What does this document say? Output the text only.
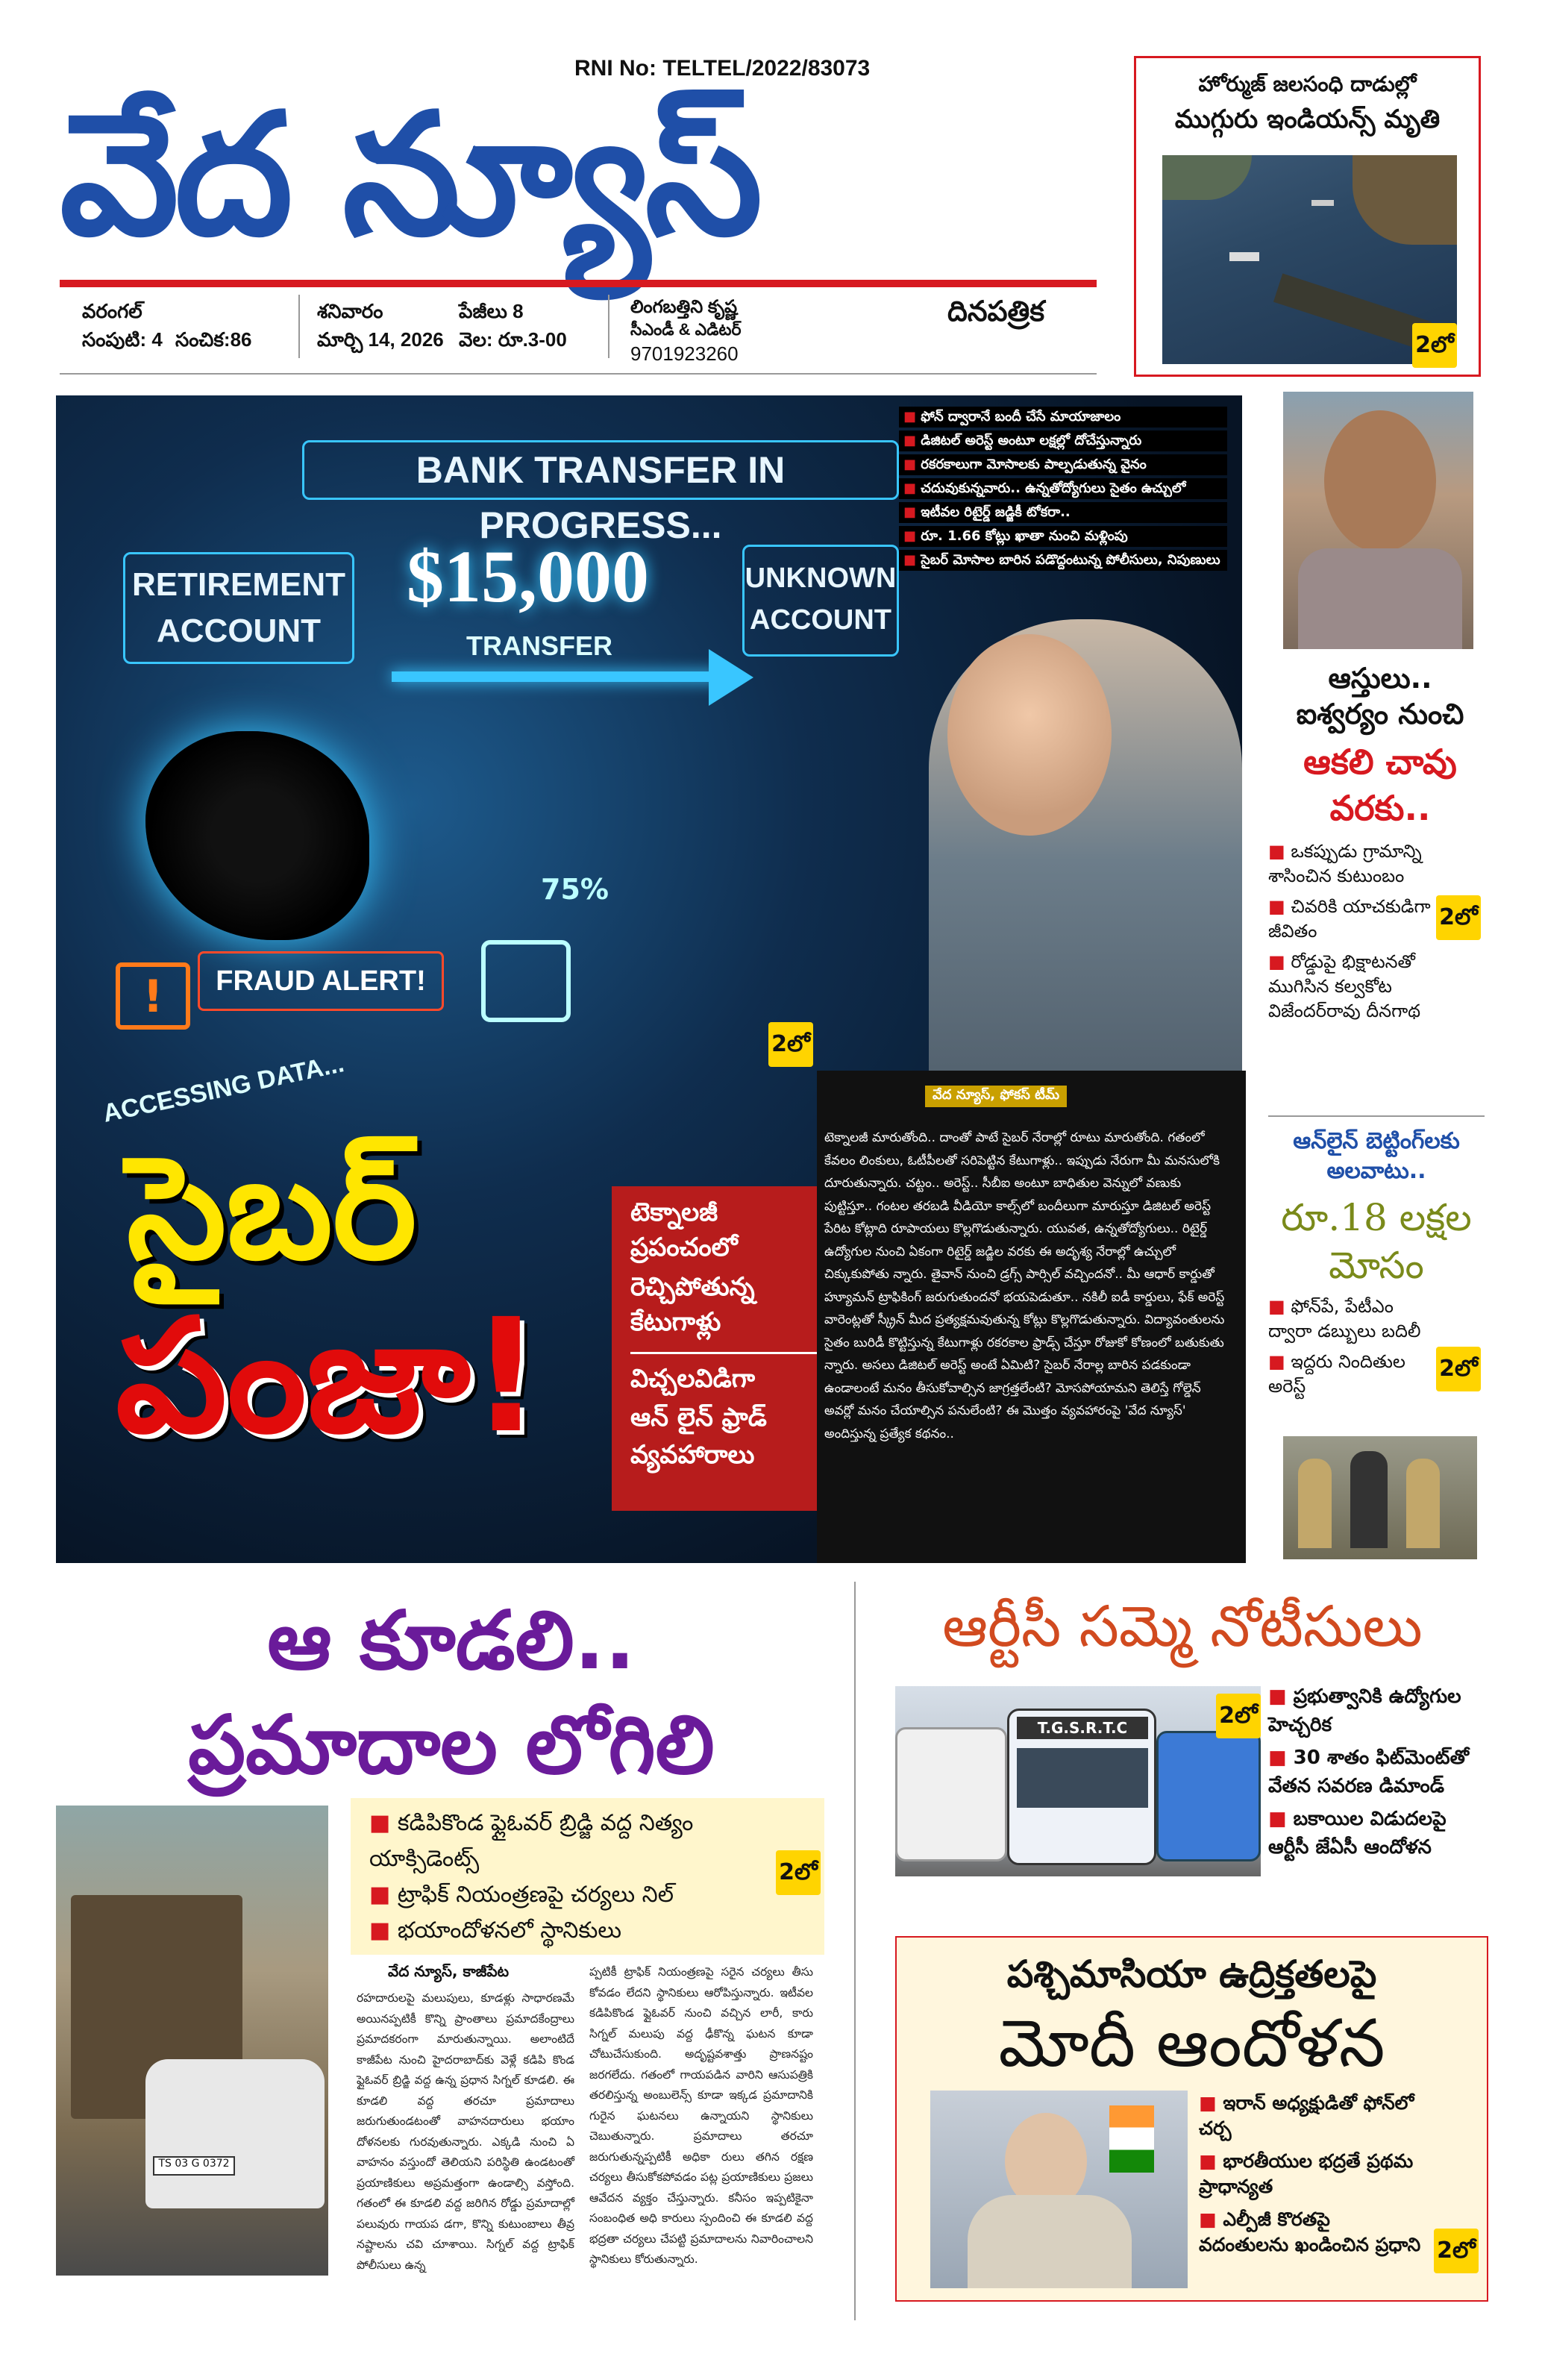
RNI No: TELTEL/2022/83073
వేద న్యూస్
వరంగల్
సంపుటి: 4 సంచిక:86
శనివారం
మార్చి 14, 2026
పేజీలు 8
వెల: రూ.3-00
లింగబత్తిని కృష్ణ
సీఎండీ & ఎడిటర్
9701923260
దినపత్రిక
హోర్ముజ్ జలసంధి దాడుల్లో
ముగ్గురు ఇండియన్స్ మృతి
2లో
BANK TRANSFER IN PROGRESS...
RETIREMENT ACCOUNT
$15,000
TRANSFER
UNKNOWN ACCOUNT
75%
!	FRAUD ALERT!
ACCESSING DATA...
2లో
సైబర్
పంజా!
■ ఫోన్ ద్వారానే బందీ చేసే మాయాజాలం
■ డిజిటల్ అరెస్ట్ అంటూ లక్షల్లో దోచేస్తున్నారు
■ రకరకాలుగా మోసాలకు పాల్పడుతున్న వైనం
■ చదువుకున్నవారు.. ఉన్నతోద్యోగులు సైతం ఉచ్చులో
■ ఇటీవల రిటైర్డ్ జడ్జికీ టోకరా..
■ రూ. 1.66 కోట్లు ఖాతా నుంచి మళ్లింపు
■ సైబర్ మోసాల బారిన పడొద్దంటున్న పోలీసులు, నిపుణులు
టెక్నాలజీ
ప్రపంచంలో
రెచ్చిపోతున్న
కేటుగాళ్లు
విచ్చలవిడిగా
ఆన్ లైన్ ఫ్రాడ్
వ్యవహారాలు
వేద న్యూస్, ఫోకస్ టీమ్
టెక్నాలజీ మారుతోంది.. దాంతో పాటే సైబర్ నేరాల్లో రూటు మారుతోంది. గతంలో కేవలం లింకులు, ఓటీపీలతో సరిపెట్టిన కేటుగాళ్లు.. ఇప్పుడు నేరుగా మీ మనసులోకి దూరుతున్నారు. చట్టం.. అరెస్ట్.. సీబీఐ అంటూ బాధితుల వెన్నులో వణుకు పుట్టిస్తూ.. గంటల తరబడి వీడియో కాల్స్‌లో బందీలుగా మారుస్తూ డిజిటల్ అరెస్ట్ పేరిట కోట్లాది రూపాయలు కొల్లగొడుతున్నారు. యువత, ఉన్నతోద్యోగులు.. రిటైర్డ్ ఉద్యోగుల నుంచి ఏకంగా రిటైర్డ్ జడ్జిల వరకు ఈ అదృశ్య నేరాల్లో ఉచ్చులో చిక్కుకుపోతు న్నారు. తైవాన్ నుంచి డ్రగ్స్ పార్సిల్ వచ్చిందనో.. మీ ఆధార్ కార్డుతో హ్యూమన్ ట్రాఫికింగ్ జరుగుతుందనో భయపెడుతూ.. నకిలీ ఐడీ కార్డులు, ఫేక్ అరెస్ట్ వారెంట్లతో స్క్రీన్ మీద ప్రత్యక్షమవుతున్న కోట్లు కొల్లగొడుతున్నారు. విద్యావంతులను సైతం బురిడీ కొట్టిస్తున్న కేటుగాళ్లు రకరకాల ఫ్రాడ్స్ చేస్తూ రోజుకో కోణంలో బతుకుతు న్నారు. అసలు డిజిటల్ అరెస్ట్ అంటే ఏమిటి? సైబర్ నేరాల్ల బారిన పడకుండా ఉండాలంటే మనం తీసుకోవాల్సిన జాగ్రత్తలేంటి? మోసపోయామని తెలిస్తే గోల్డెన్ అవర్లో మనం చేయాల్సిన పనులేంటి? ఈ మొత్తం వ్యవహారంపై 'వేద న్యూస్' అందిస్తున్న ప్రత్యేక కథనం..
ఆస్తులు..
ఐశ్వర్యం నుంచి
ఆకలి చావు
వరకు..
■ ఒకప్పుడు గ్రామాన్ని శాసించిన కుటుంబం
■ చివరికి యాచకుడిగా జీవితం
■ రోడ్డుపై భిక్షాటనతో ముగిసిన కల్వకోట విజేందర్‌రావు దీనగాథ
2లో
ఆన్‌లైన్ బెట్టింగ్‌లకు
అలవాటు..
రూ.18 లక్షల
మోసం
■ ఫోన్‌పే, పేటీఎం ద్వారా డబ్బులు బదిలీ
■ ఇద్దరు నిందితుల అరెస్ట్
2లో
ఆ కూడలి..
ప్రమాదాల లోగిలి
TS 03 G 0372
■ కడిపికొండ ఫ్లైఓవర్ బ్రిడ్జి వద్ద నిత్యం యాక్సిడెంట్స్
■ ట్రాఫిక్ నియంత్రణపై చర్యలు నిల్
■ భయాందోళనలో స్థానికులు
2లో
వేద న్యూస్, కాజీపేట
రహదారులపై మలుపులు, కూడళ్లు సాధారణమే అయినప్పటికీ కొన్ని ప్రాంతాలు ప్రమాదకేంద్రాలు ప్రమాదకరంగా మారుతున్నాయి. అలాంటిదే కాజీపేట నుంచి హైదరాబాద్‌కు వెళ్లే కడిపి కొండ ఫ్లైఓవర్ బ్రిడ్జి వద్ద ఉన్న ప్రధాన సిగ్నల్ కూడలి. ఈ కూడలి వద్ద తరచూ ప్రమాదాలు జరుగుతుండటంతో వాహనదారులు భయాం దోళనలకు గురవుతున్నారు. ఎక్కడి నుంచి ఏ వాహనం వస్తుందో తెలియని పరిస్థితి ఉండటంతో ప్రయాణికులు అప్రమత్తంగా ఉండాల్సి వస్తోంది. గతంలో ఈ కూడలి వద్ద జరిగిన రోడ్డు ప్రమాదాల్లో పలువురు గాయప డగా, కొన్ని కుటుంబాలు తీవ్ర నష్టాలను చవి చూశాయి. సిగ్నల్ వద్ద ట్రాఫిక్ పోలీసులు ఉన్న
ప్పటికీ ట్రాఫిక్ నియంత్రణపై సరైన చర్యలు తీసు కోవడం లేదని స్థానికులు ఆరోపిస్తున్నారు. ఇటీవల కడిపికొండ ఫ్లైఓవర్ నుంచి వచ్చిన లారీ, కారు సిగ్నల్ మలుపు వద్ద ఢీకొన్న ఘటన కూడా చోటుచేసుకుంది. అదృష్టవశాత్తు ప్రాణనష్టం జరగలేదు. గతంలో గాయపడిన వారిని ఆసుపత్రికి తరలిస్తున్న అంబులెన్స్ కూడా ఇక్కడ ప్రమాదానికి గురైన ఘటనలు ఉన్నాయని స్థానికులు చెబుతున్నారు. ప్రమాదాలు తరచూ జరుగుతున్నప్పటికీ అధికా రులు తగిన రక్షణ చర్యలు తీసుకోకపోవడం పట్ల ప్రయాణికులు ప్రజలు ఆవేదన వ్యక్తం చేస్తున్నారు. కనీసం ఇప్పటికైనా సంబంధిత అధి కారులు స్పందించి ఈ కూడలి వద్ద భద్రతా చర్యలు చేపట్టి ప్రమాదాలను నివారించాలని స్థానికులు కోరుతున్నారు.
ఆర్టీసీ సమ్మె నోటీసులు
T.G.S.R.T.C	2లో
■ ప్రభుత్వానికి ఉద్యోగుల హెచ్చరిక
■ 30 శాతం ఫిట్‌మెంట్‌తో వేతన సవరణ డిమాండ్
■ బకాయిల విడుదలపై ఆర్టీసీ జేఏసీ ఆందోళన
పశ్చిమాసియా ఉద్రిక్తతలపై
మోదీ ఆందోళన
■ ఇరాన్ అధ్యక్షుడితో ఫోన్‌లో చర్చ
■ భారతీయుల భద్రతే ప్రథమ ప్రాధాన్యత
■ ఎల్పీజీ కొరతపై వదంతులను ఖండించిన ప్రధాని 2లో
